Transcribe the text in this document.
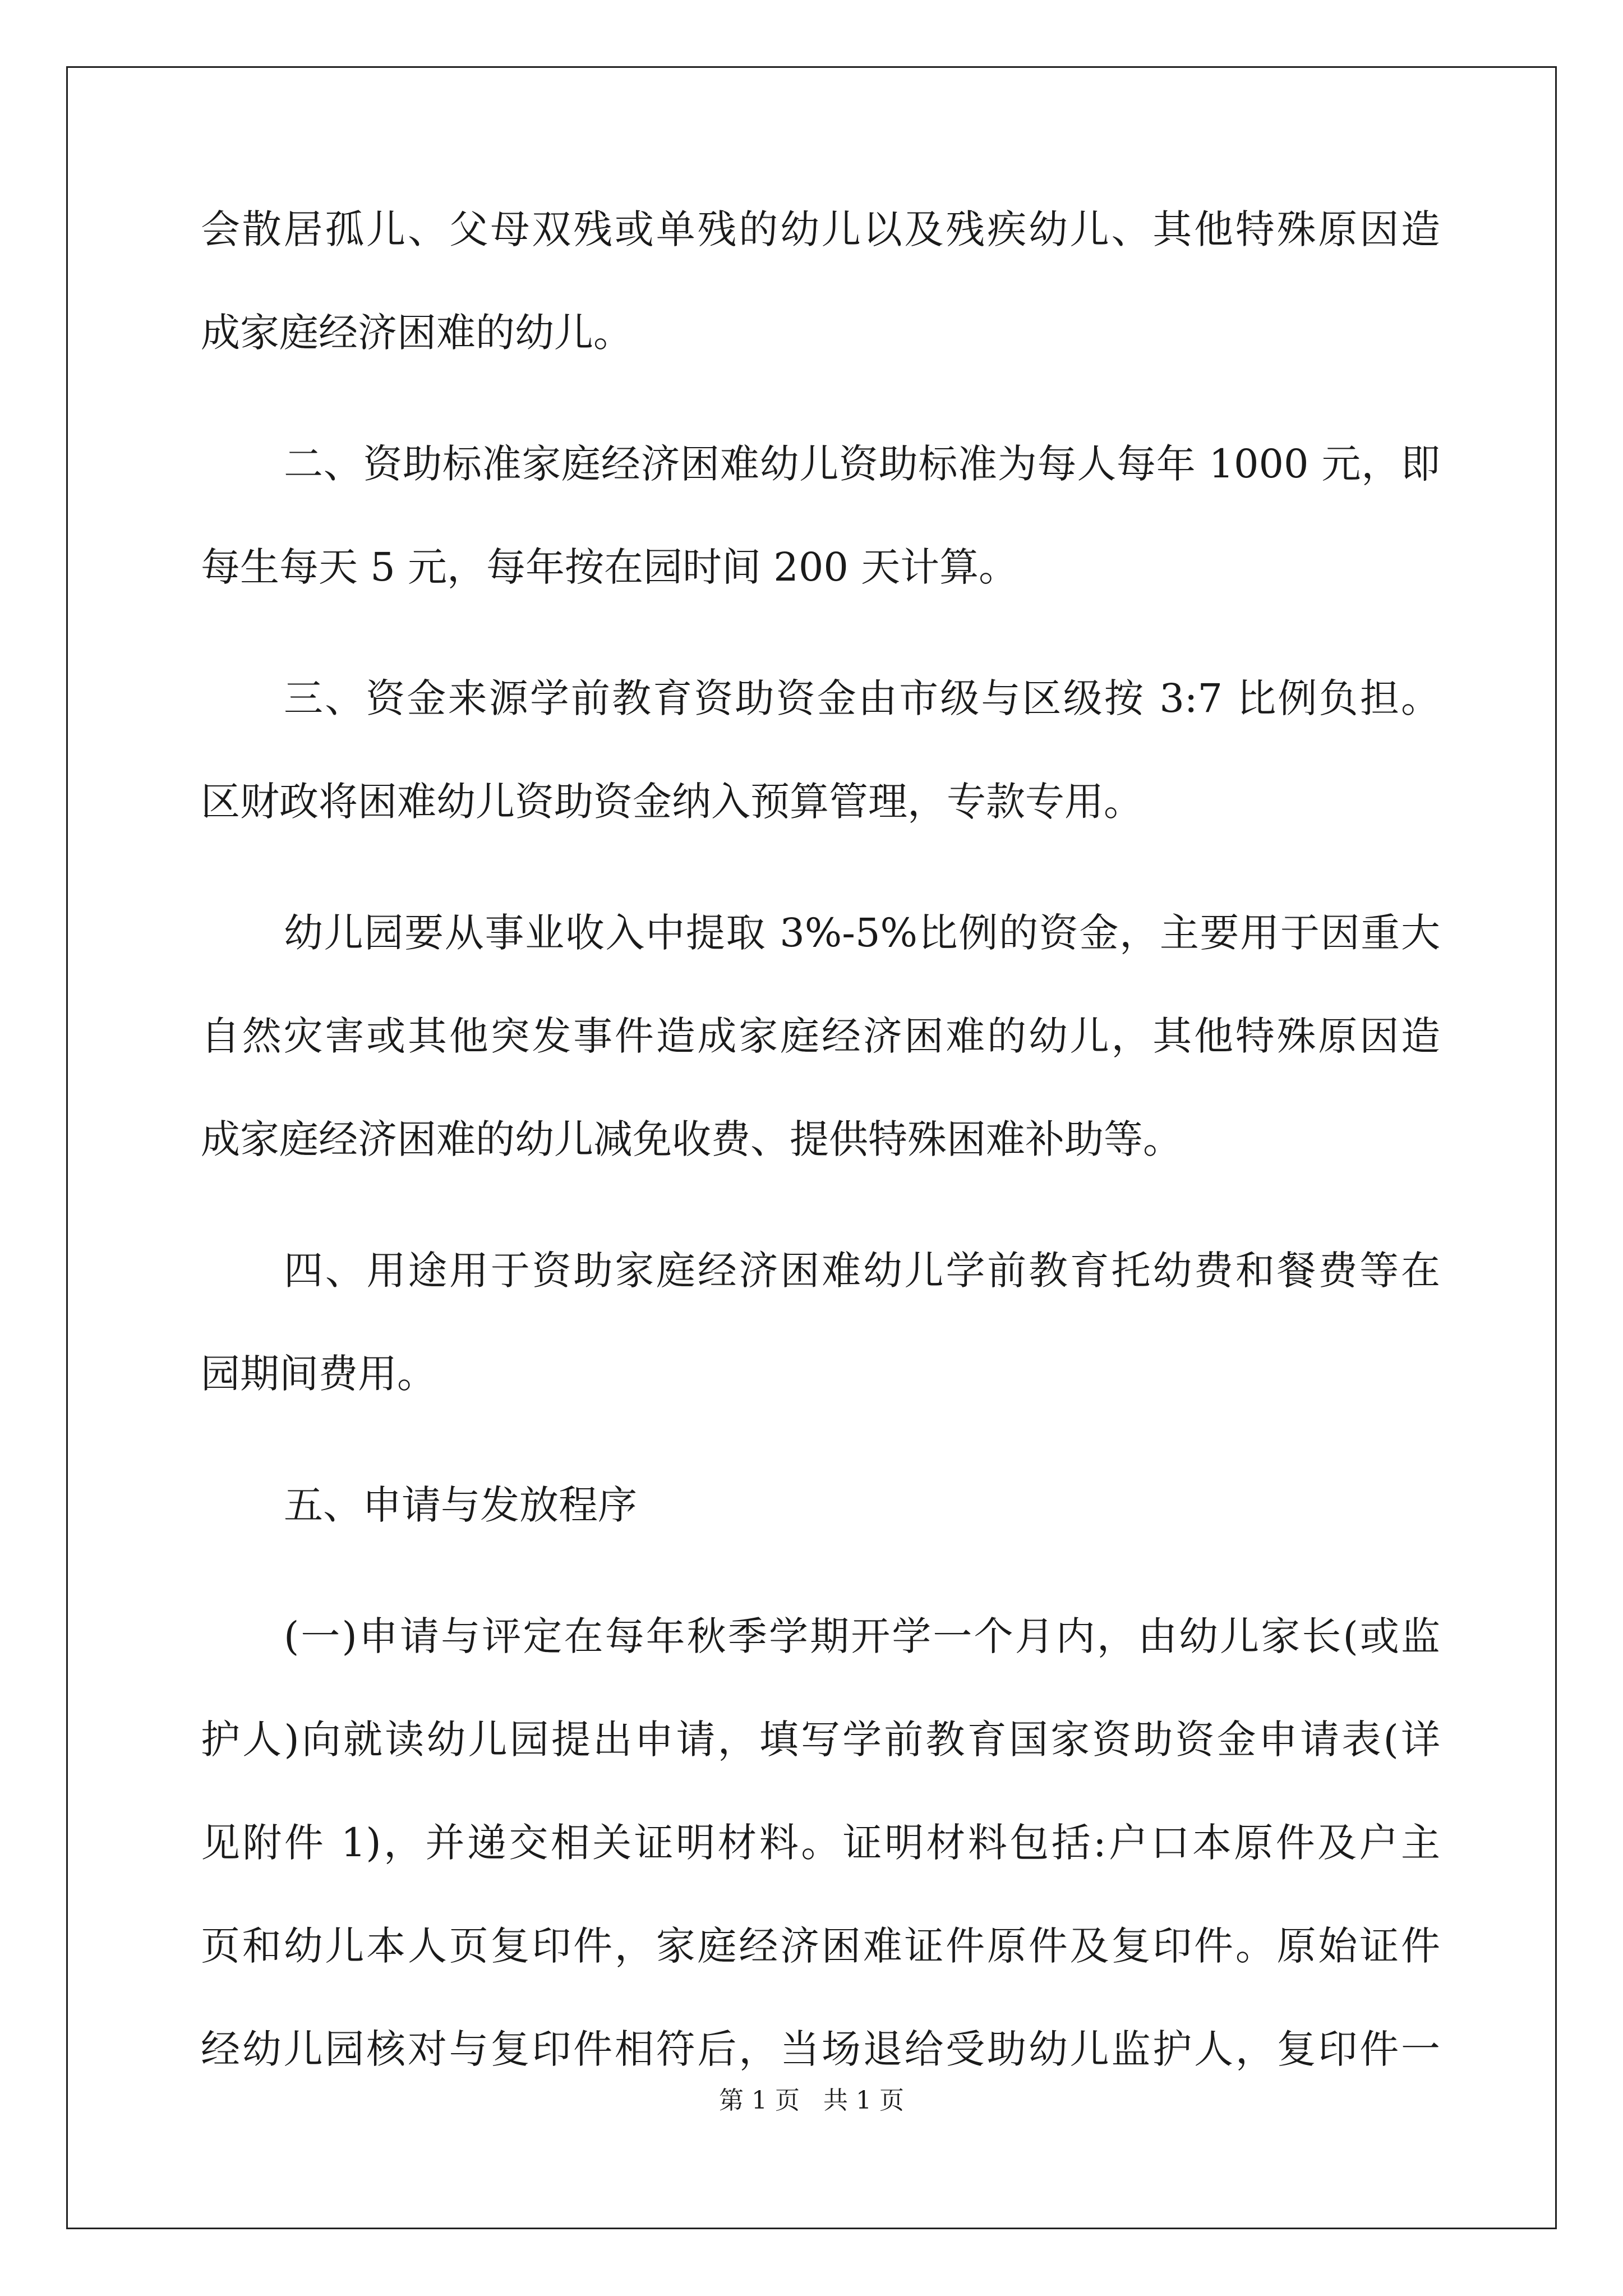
会散居孤儿、父母双残或单残的幼儿以及残疾幼儿、其他特殊原因造
成家庭经济困难的幼儿。
二、资助标准家庭经济困难幼儿资助标准为每人每年 1000 元，即
每生每天 5 元，每年按在园时间 200 天计算。
三、资金来源学前教育资助资金由市级与区级按 3:7 比例负担。
区财政将困难幼儿资助资金纳入预算管理，专款专用。
幼儿园要从事业收入中提取 3%-5%比例的资金，主要用于因重大
自然灾害或其他突发事件造成家庭经济困难的幼儿，其他特殊原因造
成家庭经济困难的幼儿减免收费、提供特殊困难补助等。
四、用途用于资助家庭经济困难幼儿学前教育托幼费和餐费等在
园期间费用。
五、申请与发放程序
(一)申请与评定在每年秋季学期开学一个月内，由幼儿家长(或监
护人)向就读幼儿园提出申请，填写学前教育国家资助资金申请表(详
见附件 1)，并递交相关证明材料。证明材料包括:户口本原件及户主
页和幼儿本人页复印件，家庭经济困难证件原件及复印件。原始证件
经幼儿园核对与复印件相符后，当场退给受助幼儿监护人，复印件一
第 1 页   共 1 页
